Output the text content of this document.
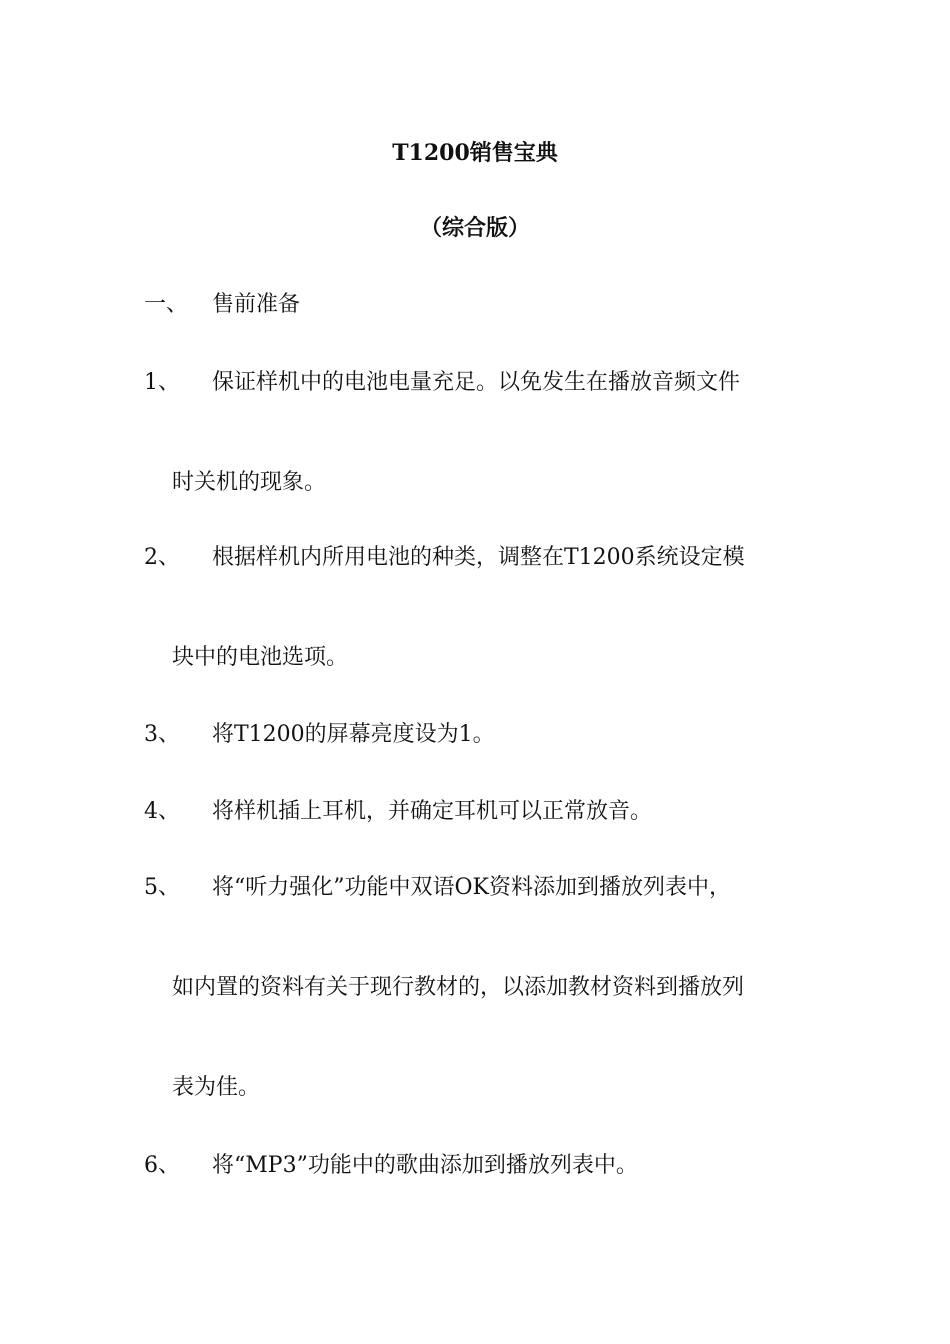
T1200销售宝典
（综合版）
一、 售前准备
1、 保证样机中的电池电量充足。以免发生在播放音频文件
时关机的现象。
2、 根据样机内所用电池的种类，调整在T1200系统设定模
块中的电池选项。
3、 将T1200的屏幕亮度设为1。
4、 将样机插上耳机，并确定耳机可以正常放音。
5、 将“听力强化”功能中双语OK资料添加到播放列表中，
如内置的资料有关于现行教材的，以添加教材资料到播放列
表为佳。
6、 将“MP3”功能中的歌曲添加到播放列表中。
